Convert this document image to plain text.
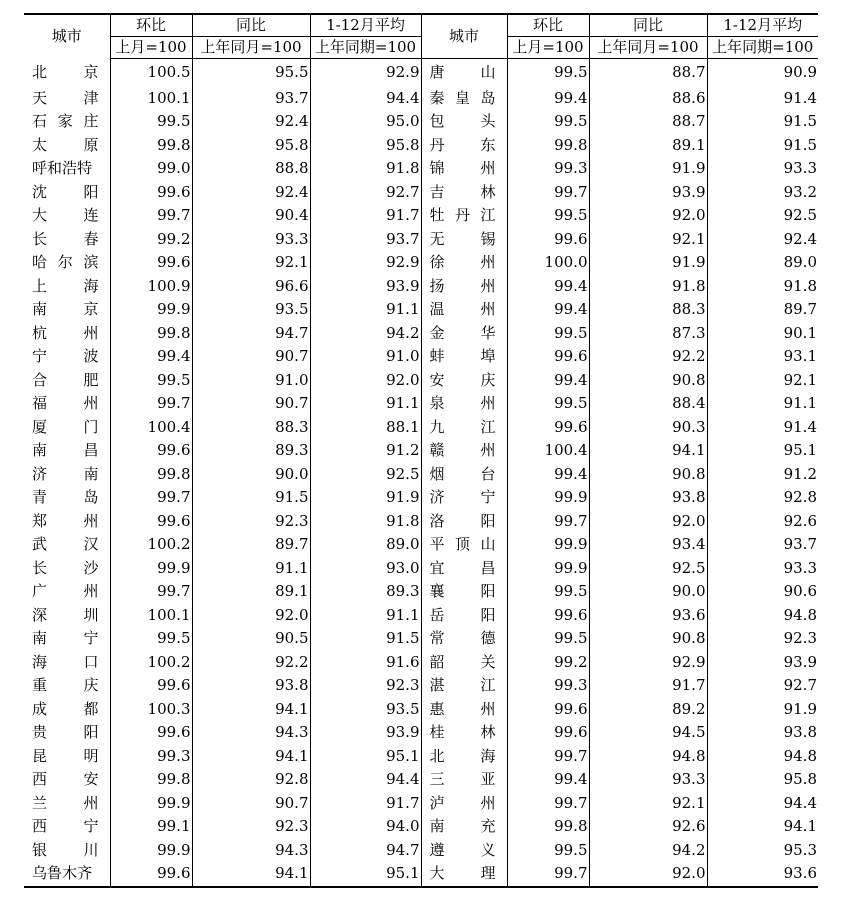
城市	环比	同比	1-12月平均	城市	环比	同比	1-12月平均
	上月=100	上年同月=100	上年同期=100		上月=100	上年同月=100	上年同期=100

北 京	100.5	95.5	92.9	唐 山	99.5	88.7	90.9

天 津	100.1	93.7	94.4	秦 皇 岛	99.4	88.6	91.4

石 家 庄	99.5	92.4	95.0	包 头	99.5	88.7	91.5

太 原	99.8	95.8	95.8	丹 东	99.8	89.1	91.5

呼和浩特	99.0	88.8	91.8	锦 州	99.3	91.9	93.3

沈 阳	99.6	92.4	92.7	吉 林	99.7	93.9	93.2

大 连	99.7	90.4	91.7	牡 丹 江	99.5	92.0	92.5

长 春	99.2	93.3	93.7	无 锡	99.6	92.1	92.4

哈 尔 滨	99.6	92.1	92.9	徐 州	100.0	91.9	89.0

上 海	100.9	96.6	93.9	扬 州	99.4	91.8	91.8

南 京	99.9	93.5	91.1	温 州	99.4	88.3	89.7

杭 州	99.8	94.7	94.2	金 华	99.5	87.3	90.1

宁 波	99.4	90.7	91.0	蚌 埠	99.6	92.2	93.1

合 肥	99.5	91.0	92.0	安 庆	99.4	90.8	92.1

福 州	99.7	90.7	91.1	泉 州	99.5	88.4	91.1

厦 门	100.4	88.3	88.1	九 江	99.6	90.3	91.4

南 昌	99.6	89.3	91.2	赣 州	100.4	94.1	95.1

济 南	99.8	90.0	92.5	烟 台	99.4	90.8	91.2

青 岛	99.7	91.5	91.9	济 宁	99.9	93.8	92.8

郑 州	99.6	92.3	91.8	洛 阳	99.7	92.0	92.6

武 汉	100.2	89.7	89.0	平 顶 山	99.9	93.4	93.7

长 沙	99.9	91.1	93.0	宜 昌	99.9	92.5	93.3

广 州	99.7	89.1	89.3	襄 阳	99.5	90.0	90.6

深 圳	100.1	92.0	91.1	岳 阳	99.6	93.6	94.8

南 宁	99.5	90.5	91.5	常 德	99.5	90.8	92.3

海 口	100.2	92.2	91.6	韶 关	99.2	92.9	93.9

重 庆	99.6	93.8	92.3	湛 江	99.3	91.7	92.7

成 都	100.3	94.1	93.5	惠 州	99.6	89.2	91.9

贵 阳	99.6	94.3	93.9	桂 林	99.6	94.5	93.8

昆 明	99.3	94.1	95.1	北 海	99.7	94.8	94.8

西 安	99.8	92.8	94.4	三 亚	99.4	93.3	95.8

兰 州	99.9	90.7	91.7	泸 州	99.7	92.1	94.4

西 宁	99.1	92.3	94.0	南 充	99.8	92.6	94.1

银 川	99.9	94.3	94.7	遵 义	99.5	94.2	95.3

乌鲁木齐	99.6	94.1	95.1	大 理	99.7	92.0	93.6
